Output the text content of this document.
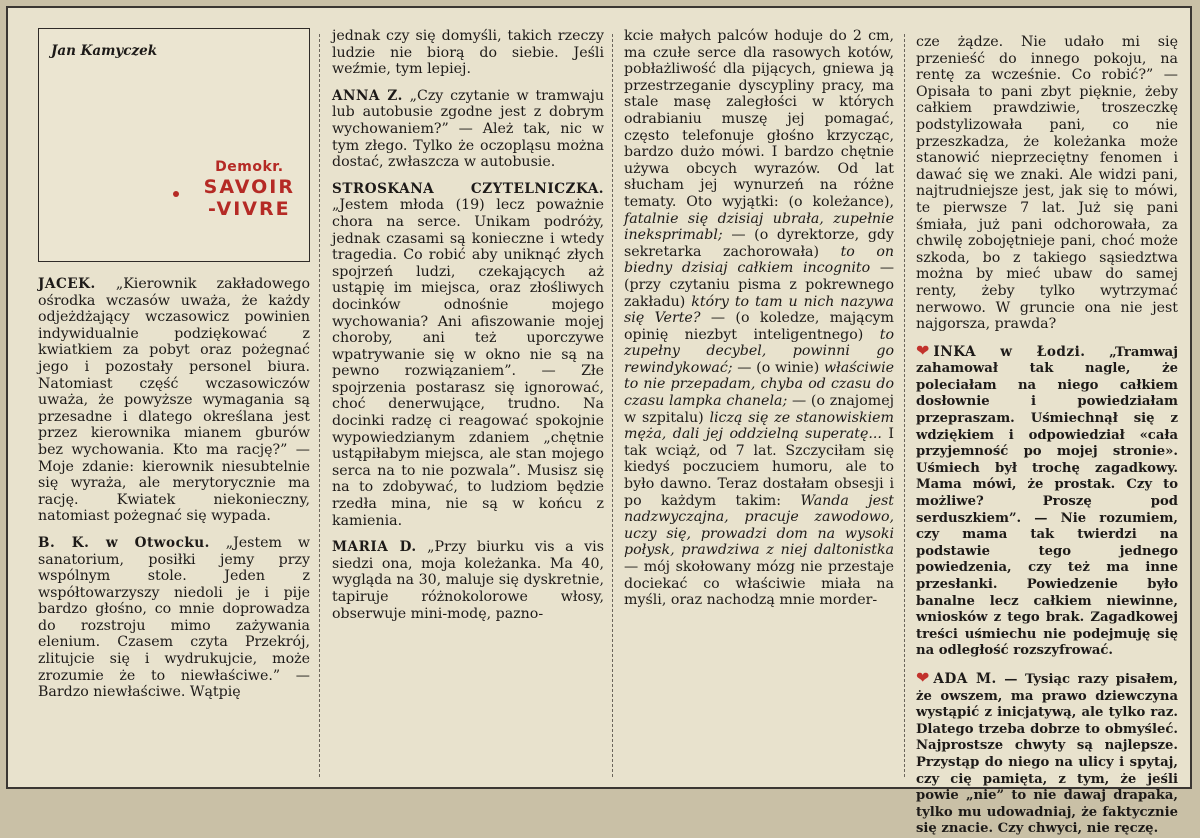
Jan Kamyczek
Demokr.
SAVOIR
-VIVRE

JACEK. „Kierownik zakładowego ośrodka wczasów uważa, że każdy odjeżdżający wczasowicz powinien indywidualnie podziękować z kwiatkiem za pobyt oraz pożegnać jego i pozostały personel biura. Natomiast część wczasowiczów uważa, że powyższe wymagania są przesadne i dlatego określana jest przez kierownika mianem gburów bez wychowania. Kto ma rację?” — Moje zdanie: kierownik niesubtelnie się wyraża, ale merytorycznie ma rację. Kwiatek niekonieczny, natomiast pożegnać się wypada.

B. K. w Otwocku. „Jestem w sanatorium, posiłki jemy przy wspólnym stole. Jeden z współtowarzyszy niedoli je i pije bardzo głośno, co mnie doprowadza do rozstroju mimo zażywania elenium. Czasem czyta Przekrój, zlitujcie się i wydrukujcie, może zrozumie że to niewłaściwe.” — Bardzo niewłaściwe. Wątpię

jednak czy się domyśli, takich rzeczy ludzie nie biorą do siebie. Jeśli weźmie, tym lepiej.

ANNA Z. „Czy czytanie w tramwaju lub autobusie zgodne jest z dobrym wychowaniem?” — Ależ tak, nic w tym złego. Tylko że oczopląsu można dostać, zwłaszcza w autobusie.

STROSKANA CZYTELNICZKA. „Jestem młoda (19) lecz poważnie chora na serce. Unikam podróży, jednak czasami są konieczne i wtedy tragedia. Co robić aby uniknąć złych spojrzeń ludzi, czekających aż ustąpię im miejsca, oraz złośliwych docinków odnośnie mojego wychowania? Ani afiszowanie mojej choroby, ani też uporczywe wpatrywanie się w okno nie są na pewno rozwiązaniem”. — Złe spojrzenia postarasz się ignorować, choć denerwujące, trudno. Na docinki radzę ci reagować spokojnie wypowiedzianym zdaniem „chętnie ustąpiłabym miejsca, ale stan mojego serca na to nie pozwala”. Musisz się na to zdobywać, to ludziom będzie rzedła mina, nie są w końcu z kamienia.

MARIA D. „Przy biurku vis a vis siedzi ona, moja koleżanka. Ma 40, wygląda na 30, maluje się dyskretnie, tapiruje różnokolorowe włosy, obserwuje mini-modę, pazno-

kcie małych palców hoduje do 2 cm, ma czułe serce dla rasowych kotów, pobłażliwość dla pijących, gniewa ją przestrzeganie dyscypliny pracy, ma stale masę zaległości w których odrabianiu muszę jej pomagać, często telefonuje głośno krzycząc, bardzo dużo mówi. I bardzo chętnie używa obcych wyrazów. Od lat słucham jej wynurzeń na różne tematy. Oto wyjątki: (o koleżance), fatalnie się dzisiaj ubrała, zupełnie ineksprimabl; — (o dyrektorze, gdy sekretarka zachorowała) to on biedny dzisiaj całkiem incognito — (przy czytaniu pisma z pokrewnego zakładu) który to tam u nich nazywa się Verte? — (o koledze, mającym opinię niezbyt inteligentnego) to zupełny decybel, powinni go rewindykować; — (o winie) właściwie to nie przepadam, chyba od czasu do czasu lampka chanela; — (o znajomej w szpitalu) liczą się ze stanowiskiem męża, dali jej oddzielną superatę... I tak wciąż, od 7 lat. Szczyciłam się kiedyś poczuciem humoru, ale to było dawno. Teraz dostałam obsesji i po każdym takim: Wanda jest nadzwyczajna, pracuje zawodowo, uczy się, prowadzi dom na wysoki połysk, prawdziwa z niej daltonistka — mój skołowany mózg nie przestaje dociekać co właściwie miała na myśli, oraz nachodzą mnie morder-

cze żądze. Nie udało mi się przenieść do innego pokoju, na rentę za wcześnie. Co robić?” — Opisała to pani zbyt pięknie, żeby całkiem prawdziwie, troszeczkę podstylizowała pani, co nie przeszkadza, że koleżanka może stanowić nieprzeciętny fenomen i dawać się we znaki. Ale widzi pani, najtrudniejsze jest, jak się to mówi, te pierwsze 7 lat. Już się pani śmiała, już pani odchorowała, za chwilę zobojętnieje pani, choć może szkoda, bo z takiego sąsiedztwa można by mieć ubaw do samej renty, żeby tylko wytrzymać nerwowo. W gruncie ona nie jest najgorsza, prawda?

❤ INKA w Łodzi. „Tramwaj zahamował tak nagle, że poleciałam na niego całkiem dosłownie i powiedziałam przepraszam. Uśmiechnął się z wdziękiem i odpowiedział «cała przyjemność po mojej stronie». Uśmiech był trochę zagadkowy. Mama mówi, że prostak. Czy to możliwe? Proszę pod serduszkiem”. — Nie rozumiem, czy mama tak twierdzi na podstawie tego jednego powiedzenia, czy też ma inne przesłanki. Powiedzenie było banalne lecz całkiem niewinne, wniosków z tego brak. Zagadkowej treści uśmiechu nie podejmuję się na odległość rozszyfrować.

❤ ADA M. — Tysiąc razy pisałem, że owszem, ma prawo dziewczyna wystąpić z inicjatywą, ale tylko raz. Dlatego trzeba dobrze to obmyśleć. Najprostsze chwyty są najlepsze. Przystąp do niego na ulicy i spytaj, czy cię pamięta, z tym, że jeśli powie „nie” to nie dawaj drapaka, tylko mu udowadniaj, że faktycznie się znacie. Czy chwyci, nie ręczę.
